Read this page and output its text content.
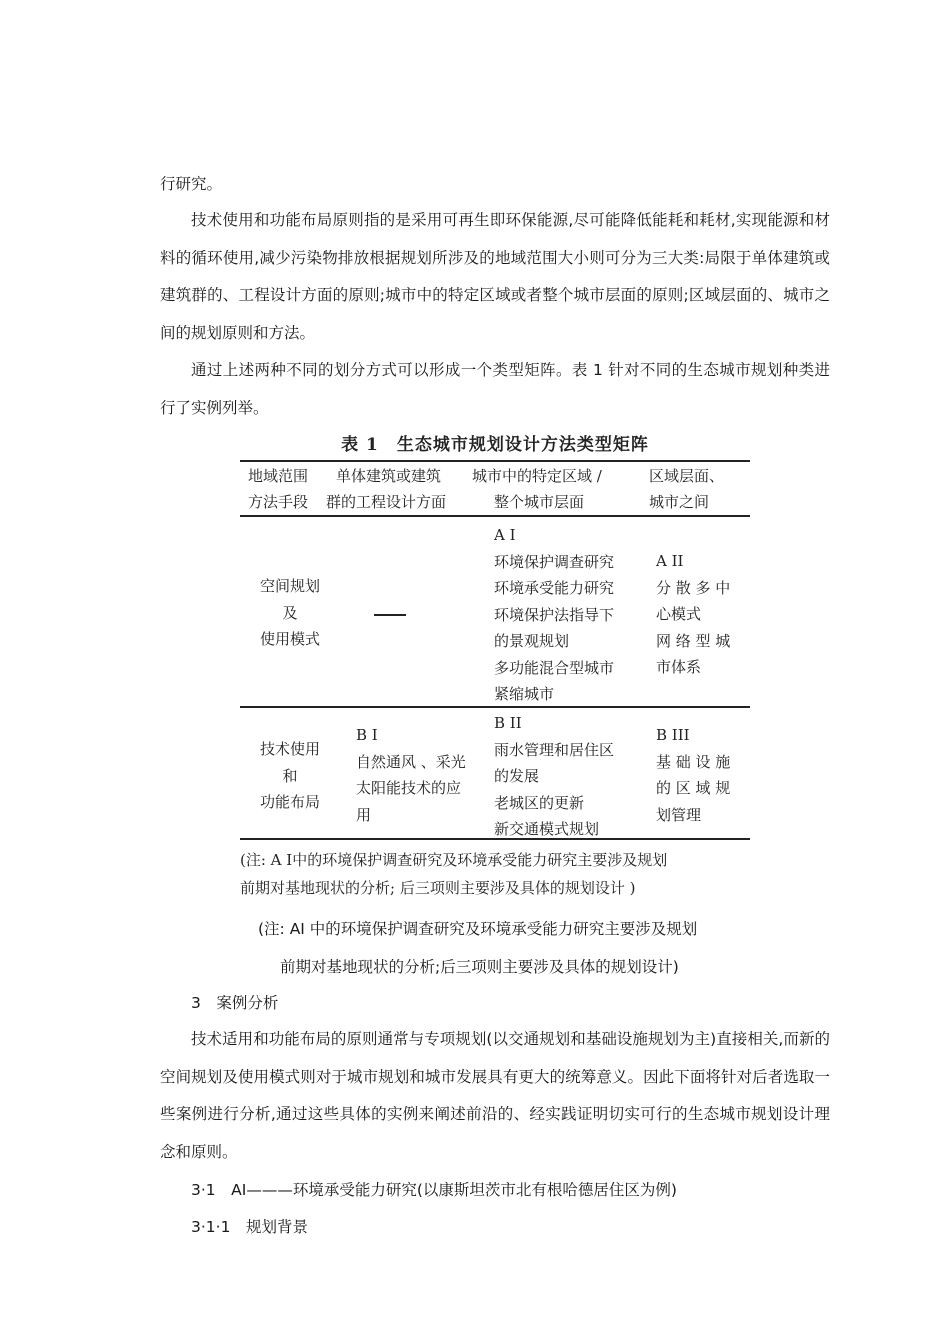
行研究。

技术使用和功能布局原则指的是采用可再生即环保能源,尽可能降低能耗和耗材,实现能源和材料的循环使用,减少污染物排放根据规划所涉及的地域范围大小则可分为三大类:局限于单体建筑或建筑群的、工程设计方面的原则;城市中的特定区域或者整个城市层面的原则;区域层面的、城市之间的规划原则和方法。

通过上述两种不同的划分方式可以形成一个类型矩阵。表 1 针对不同的生态城市规划种类进行了实例列举。

表 1　生态城市规划设计方法类型矩阵
地域范围
方法手段
单体建筑或建筑
群的工程设计方面
城市中的特定区域 /
整个城市层面
区域层面、
城市之间
空间规划
及
使用模式
A I
环境保护调查研究
环境承受能力研究
环境保护法指导下
的景观规划
多功能混合型城市
紧缩城市
A II
分 散 多 中
心模式
网 络 型 城
市体系
技术使用
和
功能布局
B I
自然通风 、采光
太阳能技术的应
用
B II
雨水管理和居住区
的发展
老城区的更新
新交通模式规划
B III
基 础 设 施
的 区 域 规
划管理
(注: A I中的环境保护调查研究及环境承受能力研究主要涉及规划
前期对基地现状的分析; 后三项则主要涉及具体的规划设计 )

(注: AI 中的环境保护调查研究及环境承受能力研究主要涉及规划

前期对基地现状的分析;后三项则主要涉及具体的规划设计)

3　案例分析

技术适用和功能布局的原则通常与专项规划(以交通规划和基础设施规划为主)直接相关,而新的空间规划及使用模式则对于城市规划和城市发展具有更大的统筹意义。因此下面将针对后者选取一些案例进行分析,通过这些具体的实例来阐述前沿的、经实践证明切实可行的生态城市规划设计理念和原则。

3·1　AI———环境承受能力研究(以康斯坦茨市北有根哈德居住区为例)

3·1·1　规划背景
